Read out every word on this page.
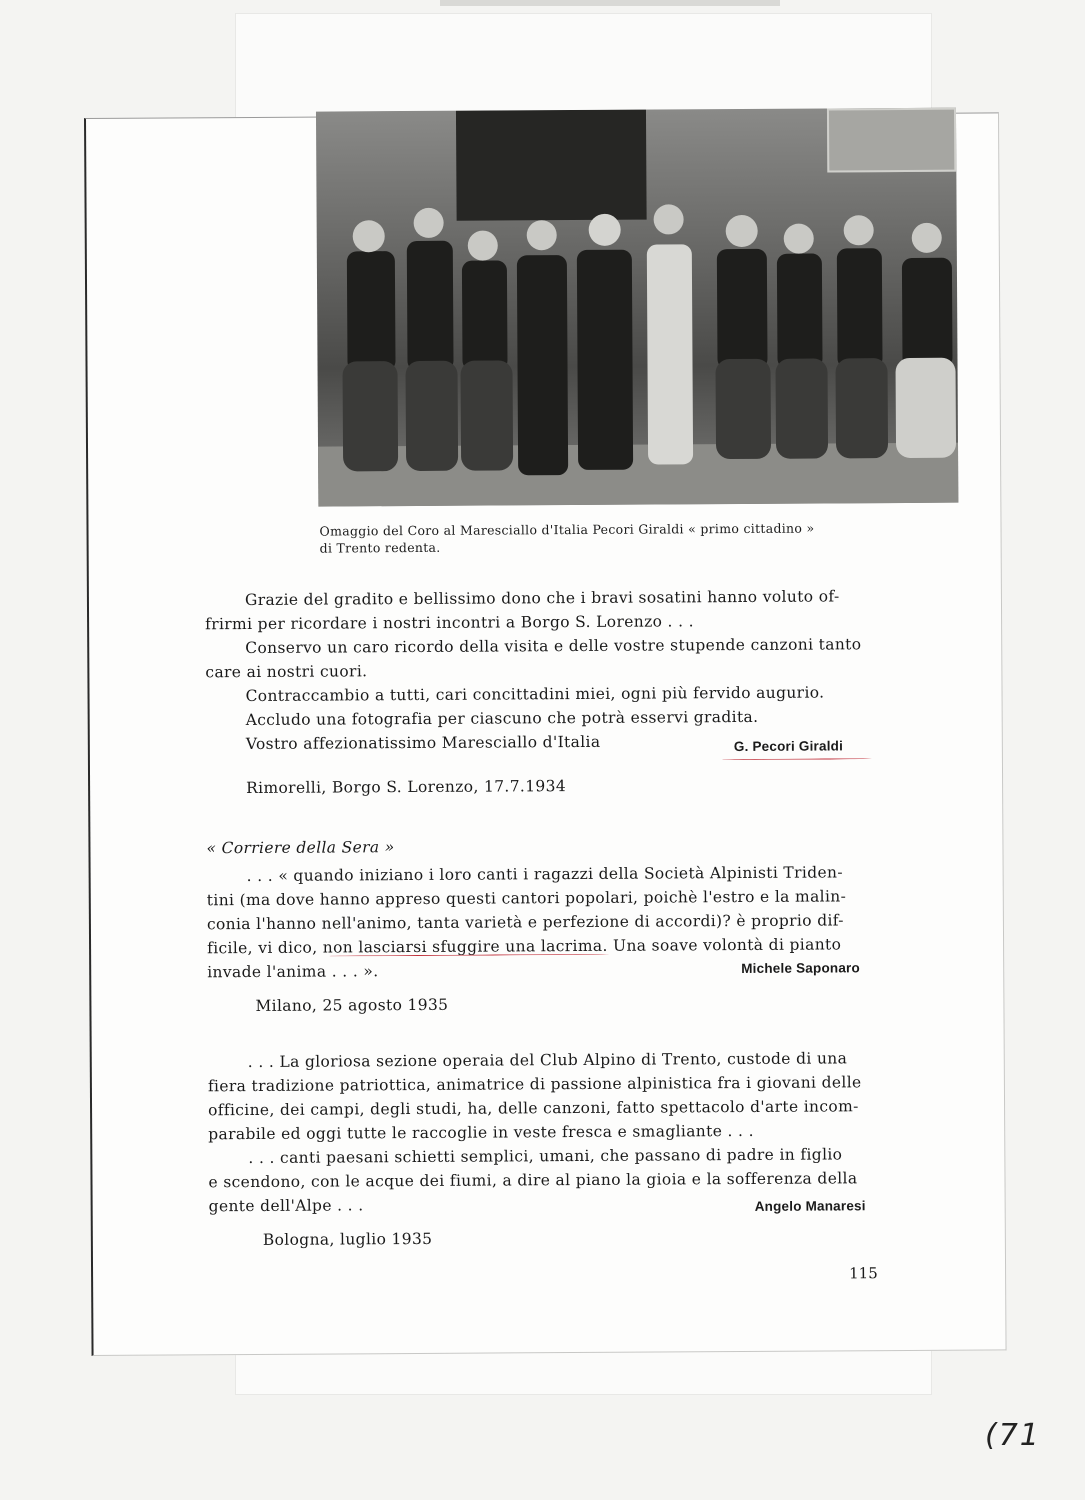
Omaggio del Coro al Maresciallo d'Italia Pecori Giraldi « primo cittadino »
di Trento redenta.
Grazie del gradito e bellissimo dono che i bravi sosatini hanno voluto of-
frirmi per ricordare i nostri incontri a Borgo S. Lorenzo . . .
Conservo un caro ricordo della visita e delle vostre stupende canzoni tanto
care ai nostri cuori.
Contraccambio a tutti, cari concittadini miei, ogni più fervido augurio.
Accludo una fotografia per ciascuno che potrà esservi gradita.
Vostro affezionatissimo Maresciallo d'Italia	G. Pecori Giraldi
Rimorelli, Borgo S. Lorenzo, 17.7.1934
« Corriere della Sera »
. . . « quando iniziano i loro canti i ragazzi della Società Alpinisti Triden-
tini (ma dove hanno appreso questi cantori popolari, poichè l'estro e la malin-
conia l'hanno nell'animo, tanta varietà e perfezione di accordi)? è proprio dif-
ficile, vi dico, non lasciarsi sfuggire una lacrima. Una soave volontà di pianto
invade l'anima . . . ».	Michele Saponaro
Milano, 25 agosto 1935
. . . La gloriosa sezione operaia del Club Alpino di Trento, custode di una
fiera tradizione patriottica, animatrice di passione alpinistica fra i giovani delle
officine, dei campi, degli studi, ha, delle canzoni, fatto spettacolo d'arte incom-
parabile ed oggi tutte le raccoglie in veste fresca e smagliante . . .
. . . canti paesani schietti semplici, umani, che passano di padre in figlio
e scendono, con le acque dei fiumi, a dire al piano la gioia e la sofferenza della
gente dell'Alpe . . .	Angelo Manaresi
Bologna, luglio 1935
115
(71
